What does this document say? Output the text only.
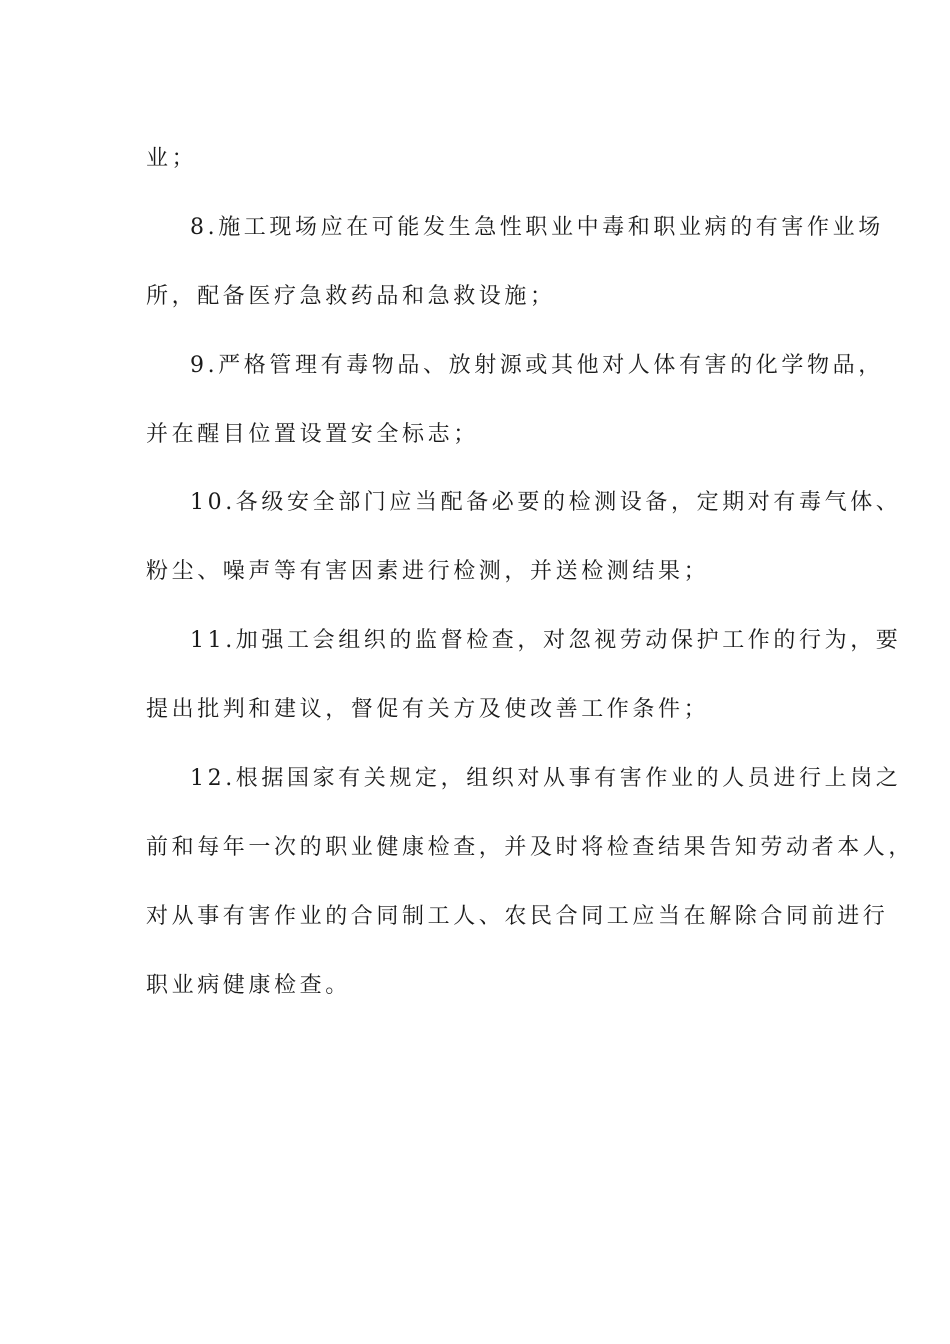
业；
8.施工现场应在可能发生急性职业中毒和职业病的有害作业场
所，配备医疗急救药品和急救设施；
9.严格管理有毒物品、放射源或其他对人体有害的化学物品，
并在醒目位置设置安全标志；
10.各级安全部门应当配备必要的检测设备，定期对有毒气体、
粉尘、噪声等有害因素进行检测，并送检测结果；
11.加强工会组织的监督检查，对忽视劳动保护工作的行为，要
提出批判和建议，督促有关方及使改善工作条件；
12.根据国家有关规定，组织对从事有害作业的人员进行上岗之
前和每年一次的职业健康检查，并及时将检查结果告知劳动者本人，
对从事有害作业的合同制工人、农民合同工应当在解除合同前进行
职业病健康检查。
